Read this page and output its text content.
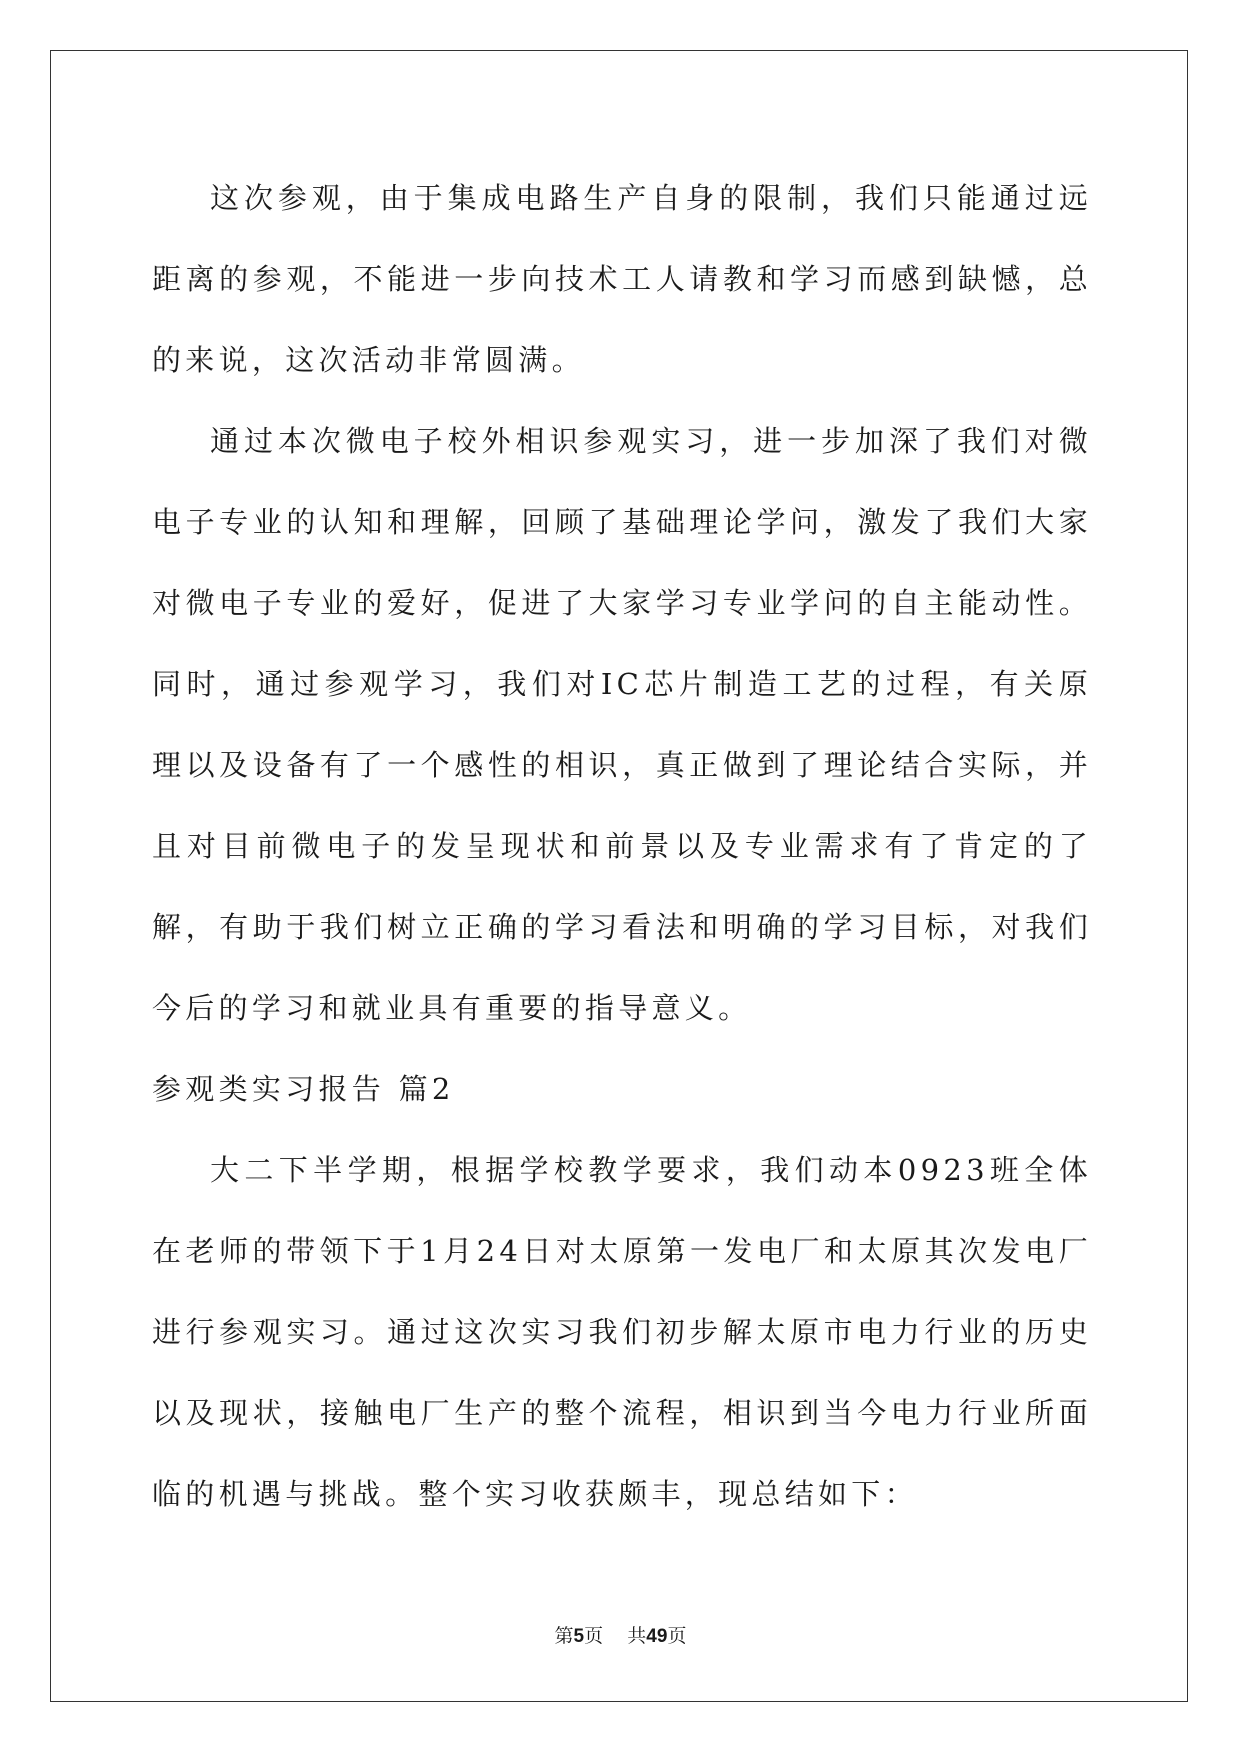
这次参观，由于集成电路生产自身的限制，我们只能通过远距离的参观，不能进一步向技术工人请教和学习而感到缺憾，总的来说，这次活动非常圆满。

通过本次微电子校外相识参观实习，进一步加深了我们对微电子专业的认知和理解，回顾了基础理论学问，激发了我们大家对微电子专业的爱好，促进了大家学习专业学问的自主能动性。同时，通过参观学习，我们对IC芯片制造工艺的过程，有关原理以及设备有了一个感性的相识，真正做到了理论结合实际，并且对目前微电子的发呈现状和前景以及专业需求有了肯定的了解，有助于我们树立正确的学习看法和明确的学习目标，对我们今后的学习和就业具有重要的指导意义。

参观类实习报告 篇2

大二下半学期，根据学校教学要求，我们动本0923班全体在老师的带领下于1月24日对太原第一发电厂和太原其次发电厂进行参观实习。通过这次实习我们初步解太原市电力行业的历史以及现状，接触电厂生产的整个流程，相识到当今电力行业所面临的机遇与挑战。整个实习收获颇丰，现总结如下：

第5页    共49页
